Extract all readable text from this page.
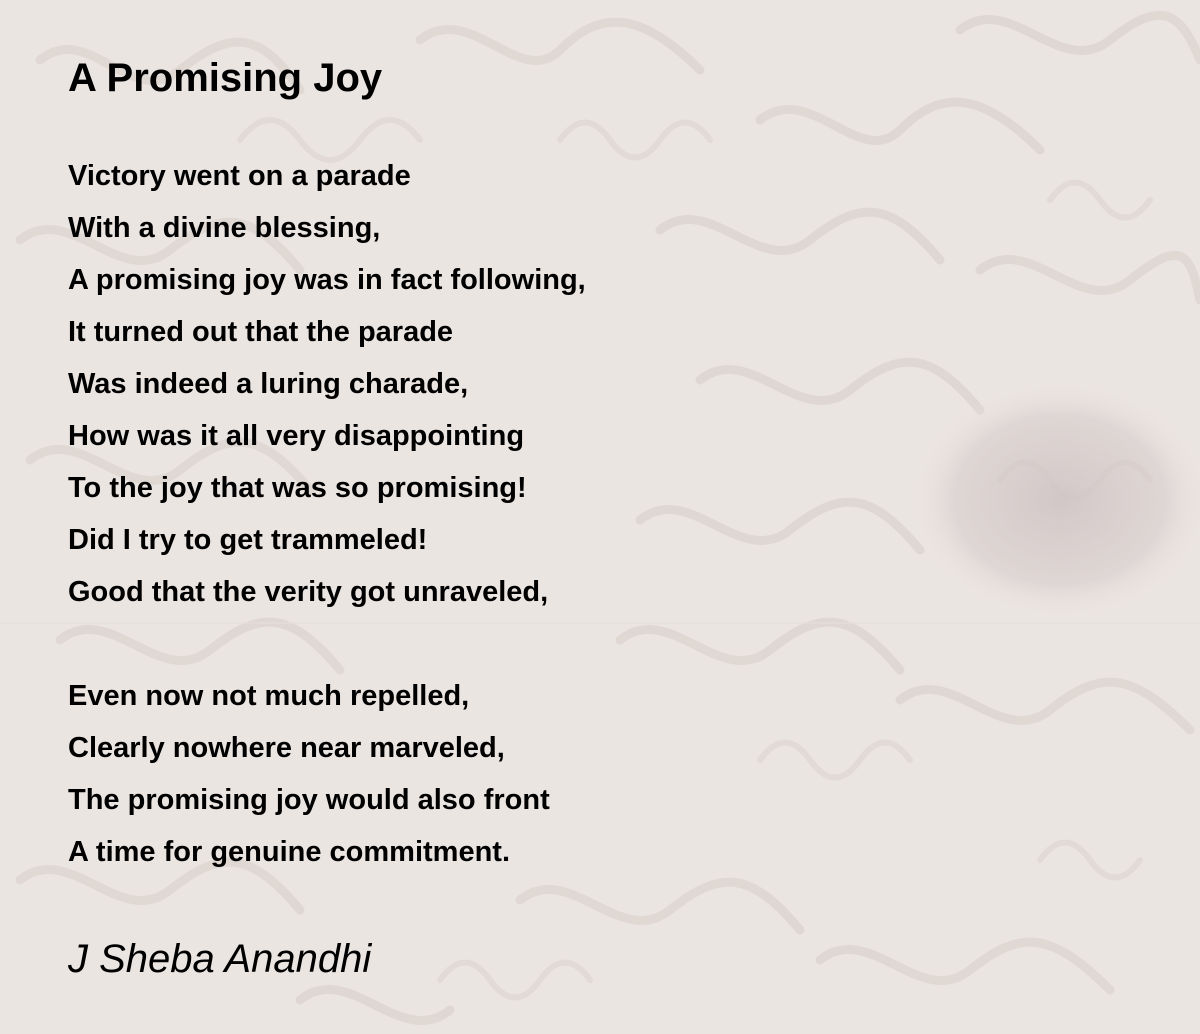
A Promising Joy
Victory went on a parade
With a divine blessing,
A promising joy was in fact following,
It turned out that the parade
Was indeed a luring charade,
How was it all very disappointing
To the joy that was so promising!
Did I try to get trammeled!
Good that the verity got unraveled,
Even now not much repelled,
Clearly nowhere near marveled,
The promising joy would also front
A time for genuine commitment.

J Sheba Anandhi
